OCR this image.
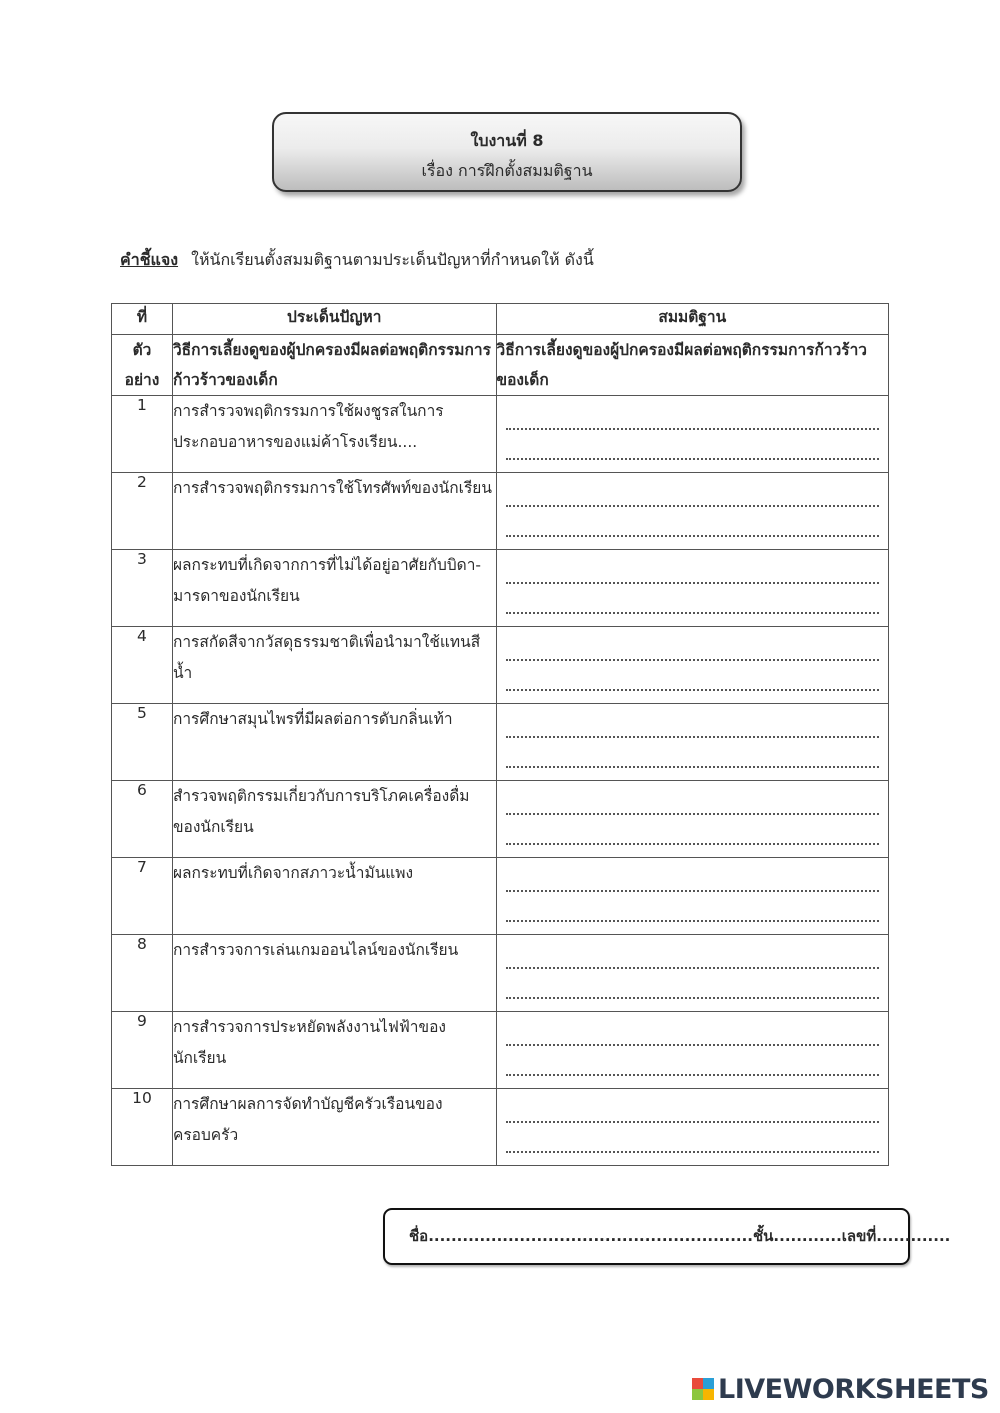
ใบงานที่ 8
เรื่อง การฝึกตั้งสมมติฐาน
คำชี้แจง ให้นักเรียนตั้งสมมติฐานตามประเด็นปัญหาที่กำหนดให้ ดังนี้
ที่	ประเด็นปัญหา	สมมติฐาน

ตัว
อย่าง	วิธีการเลี้ยงดูของผู้ปกครองมีผลต่อพฤติกรรมการก้าวร้าวของเด็ก	วิธีการเลี้ยงดูของผู้ปกครองมีผลต่อพฤติกรรมการก้าวร้าวของเด็ก
1	การสำรวจพฤติกรรมการใช้ผงชูรสในการประกอบอาหารของแม่ค้าโรงเรียน....	

2	การสำรวจพฤติกรรมการใช้โทรศัพท์ของนักเรียน	

3	ผลกระทบที่เกิดจากการที่ไม่ได้อยู่อาศัยกับบิดา-มารดาของนักเรียน	

4	การสกัดสีจากวัสดุธรรมชาติเพื่อนำมาใช้แทนสีน้ำ	

5	การศึกษาสมุนไพรที่มีผลต่อการดับกลิ่นเท้า	

6	สำรวจพฤติกรรมเกี่ยวกับการบริโภคเครื่องดื่มของนักเรียน	

7	ผลกระทบที่เกิดจากสภาวะน้ำมันแพง	

8	การสำรวจการเล่นเกมออนไลน์ของนักเรียน	

9	การสำรวจการประหยัดพลังงานไฟฟ้าของนักเรียน	

10	การศึกษาผลการจัดทำบัญชีครัวเรือนของครอบครัว	
ชื่อ.........................................................ชั้น............เลขที่.............
LIVEWORKSHEETS
